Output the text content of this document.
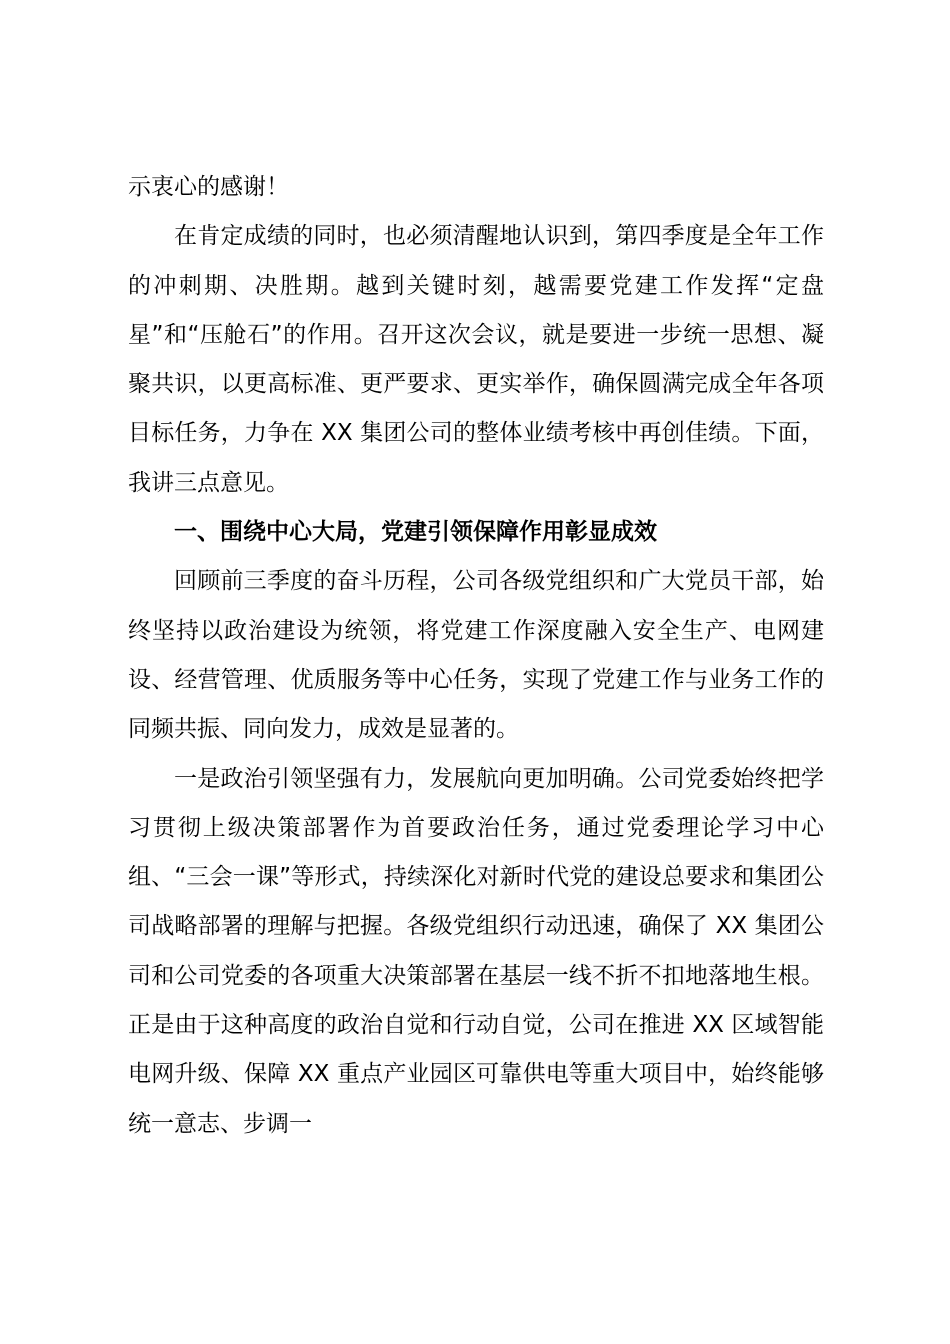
示衷心的感谢！

在肯定成绩的同时，也必须清醒地认识到，第四季度是全年工作的冲刺期、决胜期。越到关键时刻，越需要党建工作发挥“定盘星”和“压舱石”的作用。召开这次会议，就是要进一步统一思想、凝聚共识，以更高标准、更严要求、更实举作，确保圆满完成全年各项目标任务，力争在 XX 集团公司的整体业绩考核中再创佳绩。下面，我讲三点意见。

一、围绕中心大局，党建引领保障作用彰显成效

回顾前三季度的奋斗历程，公司各级党组织和广大党员干部，始终坚持以政治建设为统领，将党建工作深度融入安全生产、电网建设、经营管理、优质服务等中心任务，实现了党建工作与业务工作的同频共振、同向发力，成效是显著的。

一是政治引领坚强有力，发展航向更加明确。公司党委始终把学习贯彻上级决策部署作为首要政治任务，通过党委理论学习中心组、“三会一课”等形式，持续深化对新时代党的建设总要求和集团公司战略部署的理解与把握。各级党组织行动迅速，确保了 XX 集团公司和公司党委的各项重大决策部署在基层一线不折不扣地落地生根。正是由于这种高度的政治自觉和行动自觉，公司在推进 XX 区域智能电网升级、保障 XX 重点产业园区可靠供电等重大项目中，始终能够统一意志、步调一
